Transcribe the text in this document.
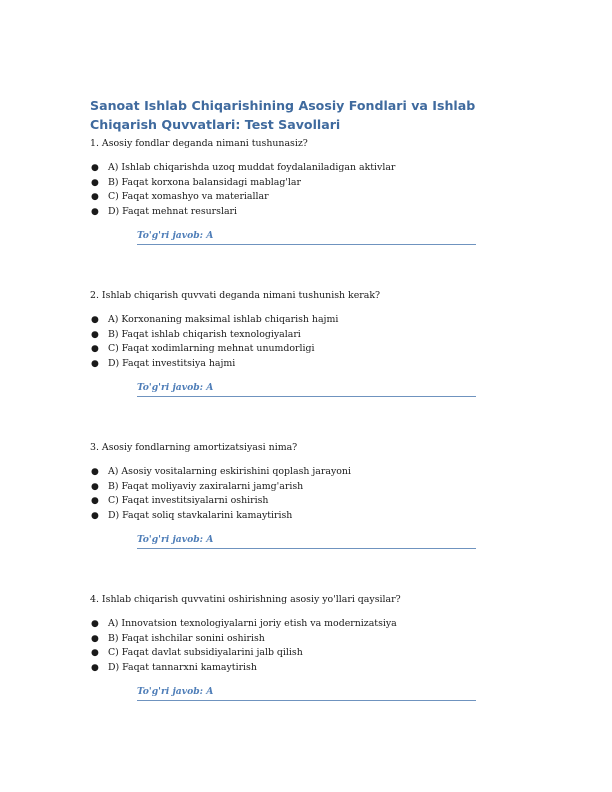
Sanoat Ishlab Chiqarishining Asosiy Fondlari va Ishlab Chiqarish Quvvatlari: Test Savollari
1. Asosiy fondlar deganda nimani tushunasiz?
● A) Ishlab chiqarishda uzoq muddat foydalaniladigan aktivlar
● B) Faqat korxona balansidagi mablag'lar
● C) Faqat xomashyo va materiallar
● D) Faqat mehnat resurslari
To'g'ri javob: A
2. Ishlab chiqarish quvvati deganda nimani tushunish kerak?
● A) Korxonaning maksimal ishlab chiqarish hajmi
● B) Faqat ishlab chiqarish texnologiyalari
● C) Faqat xodimlarning mehnat unumdorligi
● D) Faqat investitsiya hajmi
To'g'ri javob: A
3. Asosiy fondlarning amortizatsiyasi nima?
● A) Asosiy vositalarning eskirishini qoplash jarayoni
● B) Faqat moliyaviy zaxiralarni jamg'arish
● C) Faqat investitsiyalarni oshirish
● D) Faqat soliq stavkalarini kamaytirish
To'g'ri javob: A
4. Ishlab chiqarish quvvatini oshirishning asosiy yo'llari qaysilar?
● A) Innovatsion texnologiyalarni joriy etish va modernizatsiya
● B) Faqat ishchilar sonini oshirish
● C) Faqat davlat subsidiyalarini jalb qilish
● D) Faqat tannarxni kamaytirish
To'g'ri javob: A
